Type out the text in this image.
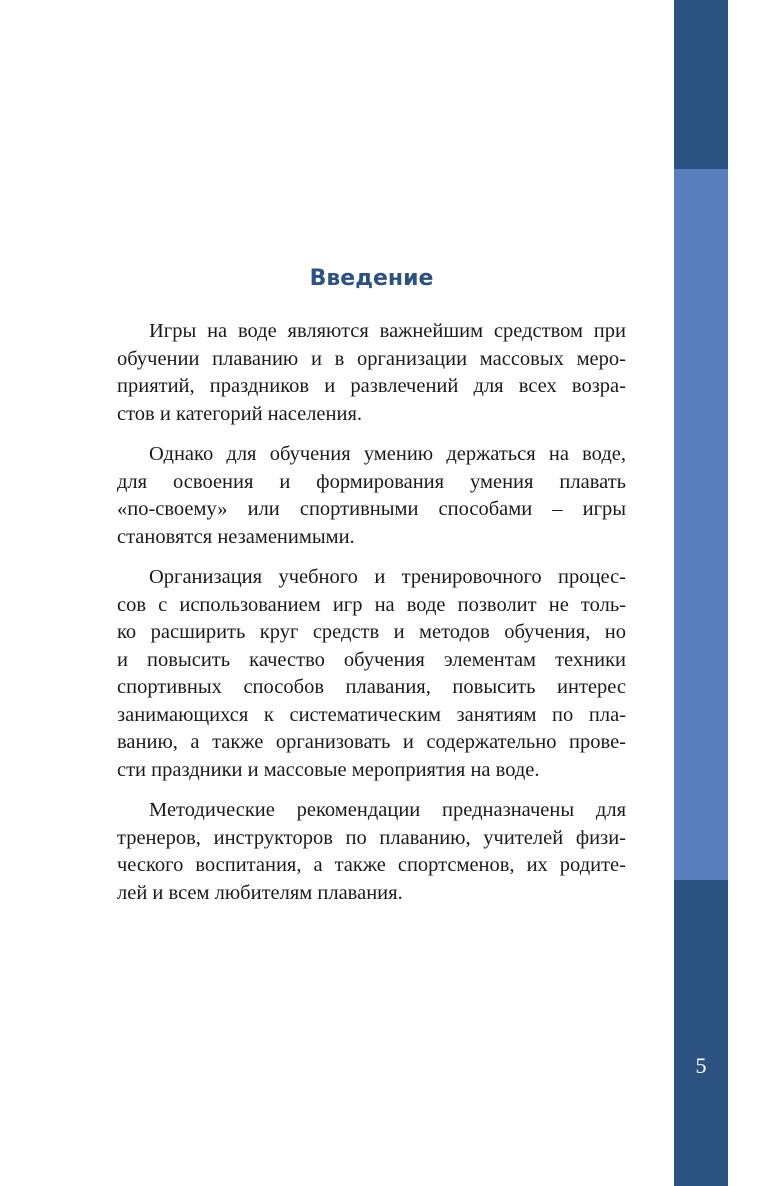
5
Введение

Игры на воде являются важнейшим средством при
обучении плаванию и в организации массовых меро-
приятий, праздников и развлечений для всех возра-
стов и категорий населения.

Однако для обучения умению держаться на воде,
для освоения и формирования умения плавать
«по-своему» или спортивными способами – игры
становятся незаменимыми.

Организация учебного и тренировочного процес-
сов с использованием игр на воде позволит не толь-
ко расширить круг средств и методов обучения, но
и повысить качество обучения элементам техники
спортивных способов плавания, повысить интерес
занимающихся к систематическим занятиям по пла-
ванию, а также организовать и содержательно прове-
сти праздники и массовые мероприятия на воде.

Методические рекомендации предназначены для
тренеров, инструкторов по плаванию, учителей физи-
ческого воспитания, а также спортсменов, их родите-
лей и всем любителям плавания.
